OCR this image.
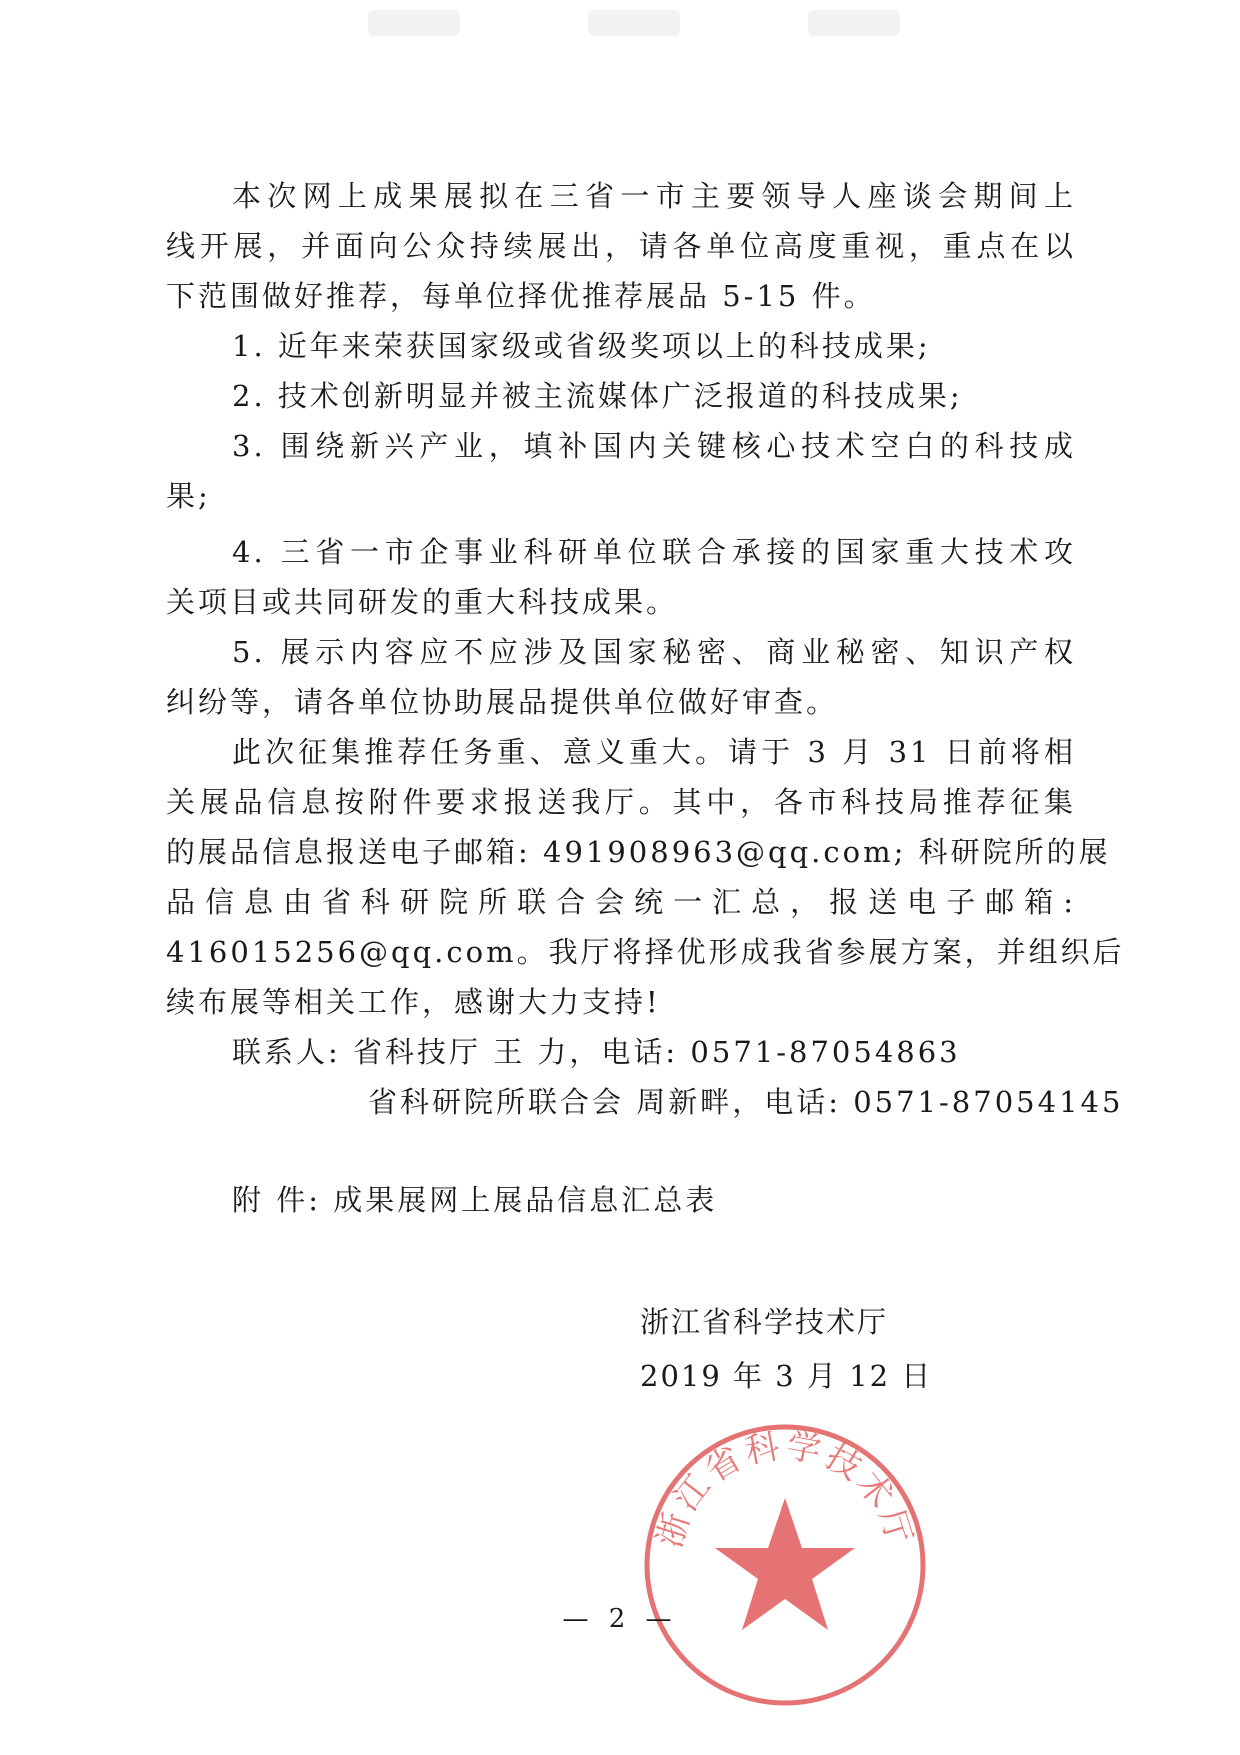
本次网上成果展拟在三省一市主要领导人座谈会期间上
线开展，并面向公众持续展出，请各单位高度重视，重点在以
下范围做好推荐，每单位择优推荐展品 5-15 件。
1. 近年来荣获国家级或省级奖项以上的科技成果;
2. 技术创新明显并被主流媒体广泛报道的科技成果;
3. 围绕新兴产业，填补国内关键核心技术空白的科技成
果;
4. 三省一市企事业科研单位联合承接的国家重大技术攻
关项目或共同研发的重大科技成果。
5. 展示内容应不应涉及国家秘密、商业秘密、知识产权
纠纷等，请各单位协助展品提供单位做好审查。
此次征集推荐任务重、意义重大。请于 3 月 31 日前将相
关展品信息按附件要求报送我厅。其中，各市科技局推荐征集
的展品信息报送电子邮箱: 491908963@qq.com; 科研院所的展
品信息由省科研院所联合会统一汇总，报送电子邮箱:
416015256@qq.com。我厅将择优形成我省参展方案，并组织后
续布展等相关工作，感谢大力支持!
联系人: 省科技厅 王 力，电话: 0571-87054863
省科研院所联合会 周新畔，电话: 0571-87054145
附 件: 成果展网上展品信息汇总表
浙江省科学技术厅
浙江省科学技术厅
2019 年 3 月 12 日
— 2 —
